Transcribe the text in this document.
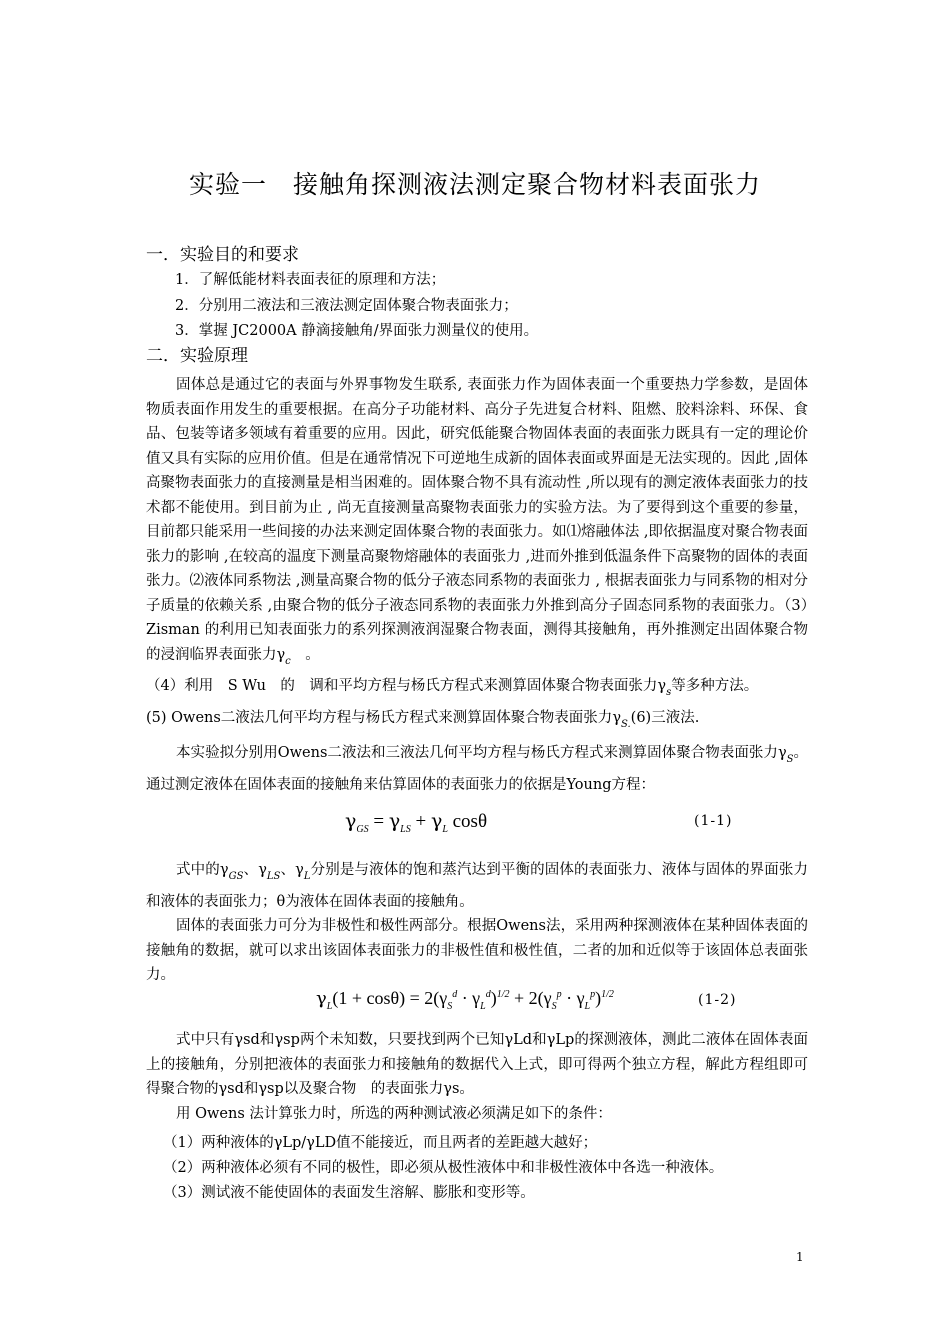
实验一　接触角探测液法测定聚合物材料表面张力
一．实验目的和要求
1．了解低能材料表面表征的原理和方法；
2．分别用二液法和三液法测定固体聚合物表面张力；
3．掌握 JC2000A 静滴接触角/界面张力测量仪的使用。
二．实验原理

固体总是通过它的表面与外界事物发生联系, 表面张力作为固体表面一个重要热力学参数，是固体物质表面作用发生的重要根据。在高分子功能材料、高分子先进复合材料、阻燃、胶料涂料、环保、食品、包装等诸多领域有着重要的应用。因此，研究低能聚合物固体表面的表面张力既具有一定的理论价值又具有实际的应用价值。但是在通常情况下可逆地生成新的固体表面或界面是无法实现的。因此 ,固体高聚物表面张力的直接测量是相当困难的。固体聚合物不具有流动性 ,所以现有的测定液体表面张力的技术都不能使用。到目前为止 , 尚无直接测量高聚物表面张力的实验方法。为了要得到这个重要的参量，目前都只能采用一些间接的办法来测定固体聚合物的表面张力。如⑴熔融体法 ,即依据温度对聚合物表面张力的影响 ,在较高的温度下测量高聚物熔融体的表面张力 ,进而外推到低温条件下高聚物的固体的表面张力。⑵液体同系物法 ,测量高聚合物的低分子液态同系物的表面张力 , 根据表面张力与同系物的相对分子质量的依赖关系 ,由聚合物的低分子液态同系物的表面张力外推到高分子固态同系物的表面张力。（3）Zisman 的利用已知表面张力的系列探测液润湿聚合物表面，测得其接触角，再外推测定出固体聚合物的浸润临界表面张力$\gamma_c$　 。

（4）利用　S Wu　的　调和平均方程与杨氏方程式来测算固体聚合物表面张力$\gamma_s$等多种方法。

(5) Owens二液法几何平均方程与杨氏方程式来测算固体聚合物表面张力$\gamma_{S.}(6)$三液法.

本实验拟分别用Owens二液法和三液法几何平均方程与杨氏方程式来测算固体聚合物表面张力$\gamma_S$。通过测定液体在固体表面的接触角来估算固体的表面张力的依据是Young方程：

$\gamma_{GS} = \gamma_{LS} + \gamma_L$ cosθ	(1-1)

式中的$\gamma_{GS}$、$\gamma_{LS}$、$\gamma_L$分别是与液体的饱和蒸汽达到平衡的固体的表面张力、液体与固体的界面张力和液体的表面张力；θ为液体在固体表面的接触角。

固体的表面张力可分为非极性和极性两部分。根据Owens法，采用两种探测液体在某种固体表面的接触角的数据，就可以求出该固体表面张力的非极性值和极性值，二者的加和近似等于该固体总表面张力。

$\gamma_L(1 + \cos\theta) = 2(\gamma_S^d \cdot \gamma_L^d)^{1/2} + 2(\gamma_S^p \cdot \gamma_L^p)^{1/2}$	(1-2)

式中只有γsd和γsp两个未知数，只要找到两个已知γLd和γLp的探测液体，测此二液体在固体表面上的接触角，分别把液体的表面张力和接触角的数据代入上式，即可得两个独立方程，解此方程组即可得聚合物的γsd和γsp以及聚合物　的表面张力γs。

用 Owens 法计算张力时，所选的两种测试液必须满足如下的条件：

（1）两种液体的γLp/γLD值不能接近，而且两者的差距越大越好；
（2）两种液体必须有不同的极性，即必须从极性液体中和非极性液体中各选一种液体。
（3）测试液不能使固体的表面发生溶解、膨胀和变形等。
1
